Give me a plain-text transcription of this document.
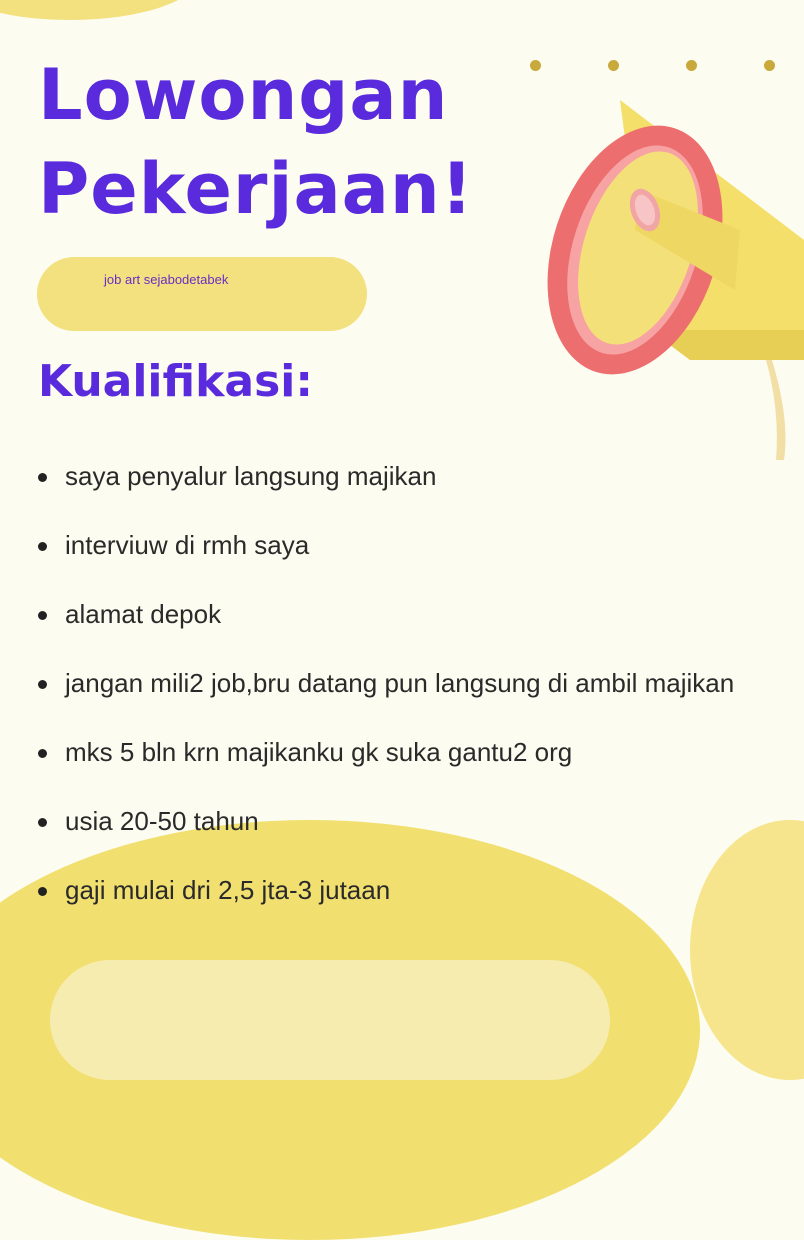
Lowongan
Pekerjaan!
job art sejabodetabek
Kualifikasi:
saya penyalur langsung majikan
interviuw di rmh saya
alamat depok
jangan mili2 job,bru datang pun langsung di ambil majikan
mks 5 bln krn majikanku gk suka gantu2 org
usia 20-50 tahun
gaji mulai dri 2,5 jta-3 jutaan
